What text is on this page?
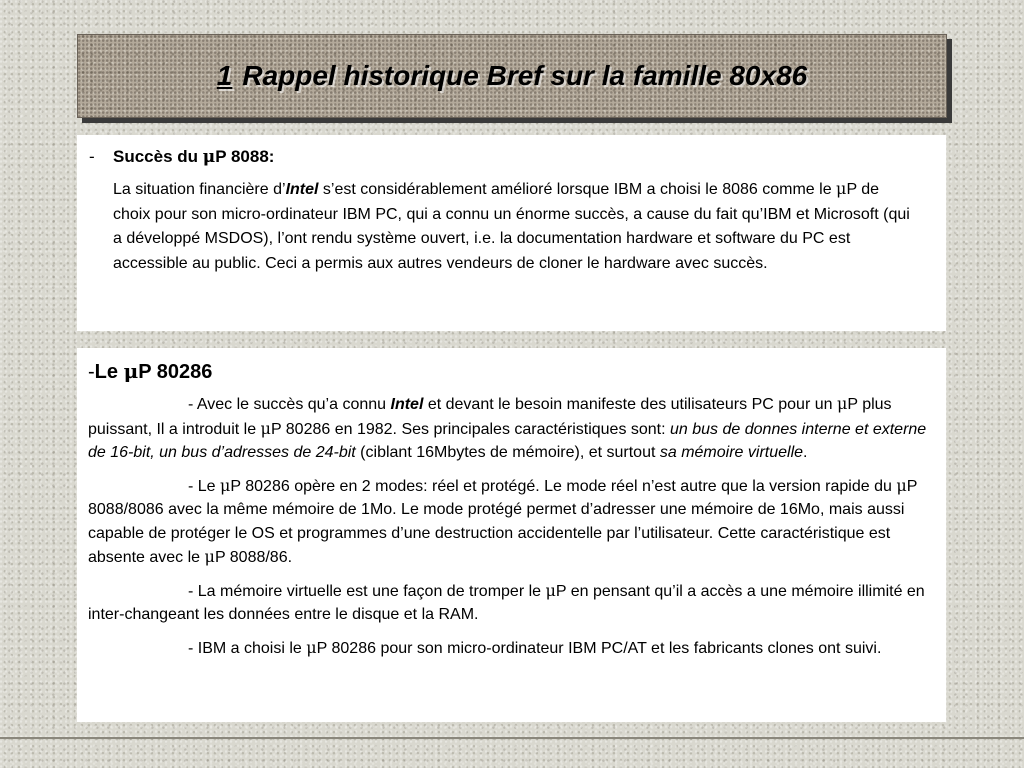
1 Rappel historique Bref sur la famille 80x86
-	Succès du μP 8088:

La situation financière d’Intel s’est considérablement amélioré lorsque IBM a choisi le 8086 comme le μP de choix pour son micro-ordinateur IBM PC, qui a connu un énorme succès, a cause du fait qu’IBM et Microsoft (qui a développé MSDOS), l’ont rendu système ouvert, i.e. la documentation hardware et software du PC est accessible au public. Ceci a permis aux autres vendeurs de cloner le hardware avec succès.

-Le μP 80286

- Avec le succès qu’a connu Intel et devant le besoin manifeste des utilisateurs PC pour un μP plus puissant, Il a introduit le μP 80286 en 1982. Ses principales caractéristiques sont: un bus de donnes interne et externe de 16-bit, un bus d’adresses de 24-bit (ciblant 16Mbytes de mémoire), et surtout sa mémoire virtuelle.

- Le μP 80286 opère en 2 modes: réel et protégé. Le mode réel n’est autre que la version rapide du μP 8088/8086 avec la même mémoire de 1Mo. Le mode protégé permet d’adresser une mémoire de 16Mo, mais aussi capable de protéger le OS et programmes d’une destruction accidentelle par l’utilisateur. Cette caractéristique est absente avec le μP 8088/86.

- La mémoire virtuelle est une façon de tromper le μP en pensant qu’il a accès a une mémoire illimité en inter-changeant les données entre le disque et la RAM.

- IBM a choisi le μP 80286 pour son micro-ordinateur IBM PC/AT et les fabricants clones ont suivi.
